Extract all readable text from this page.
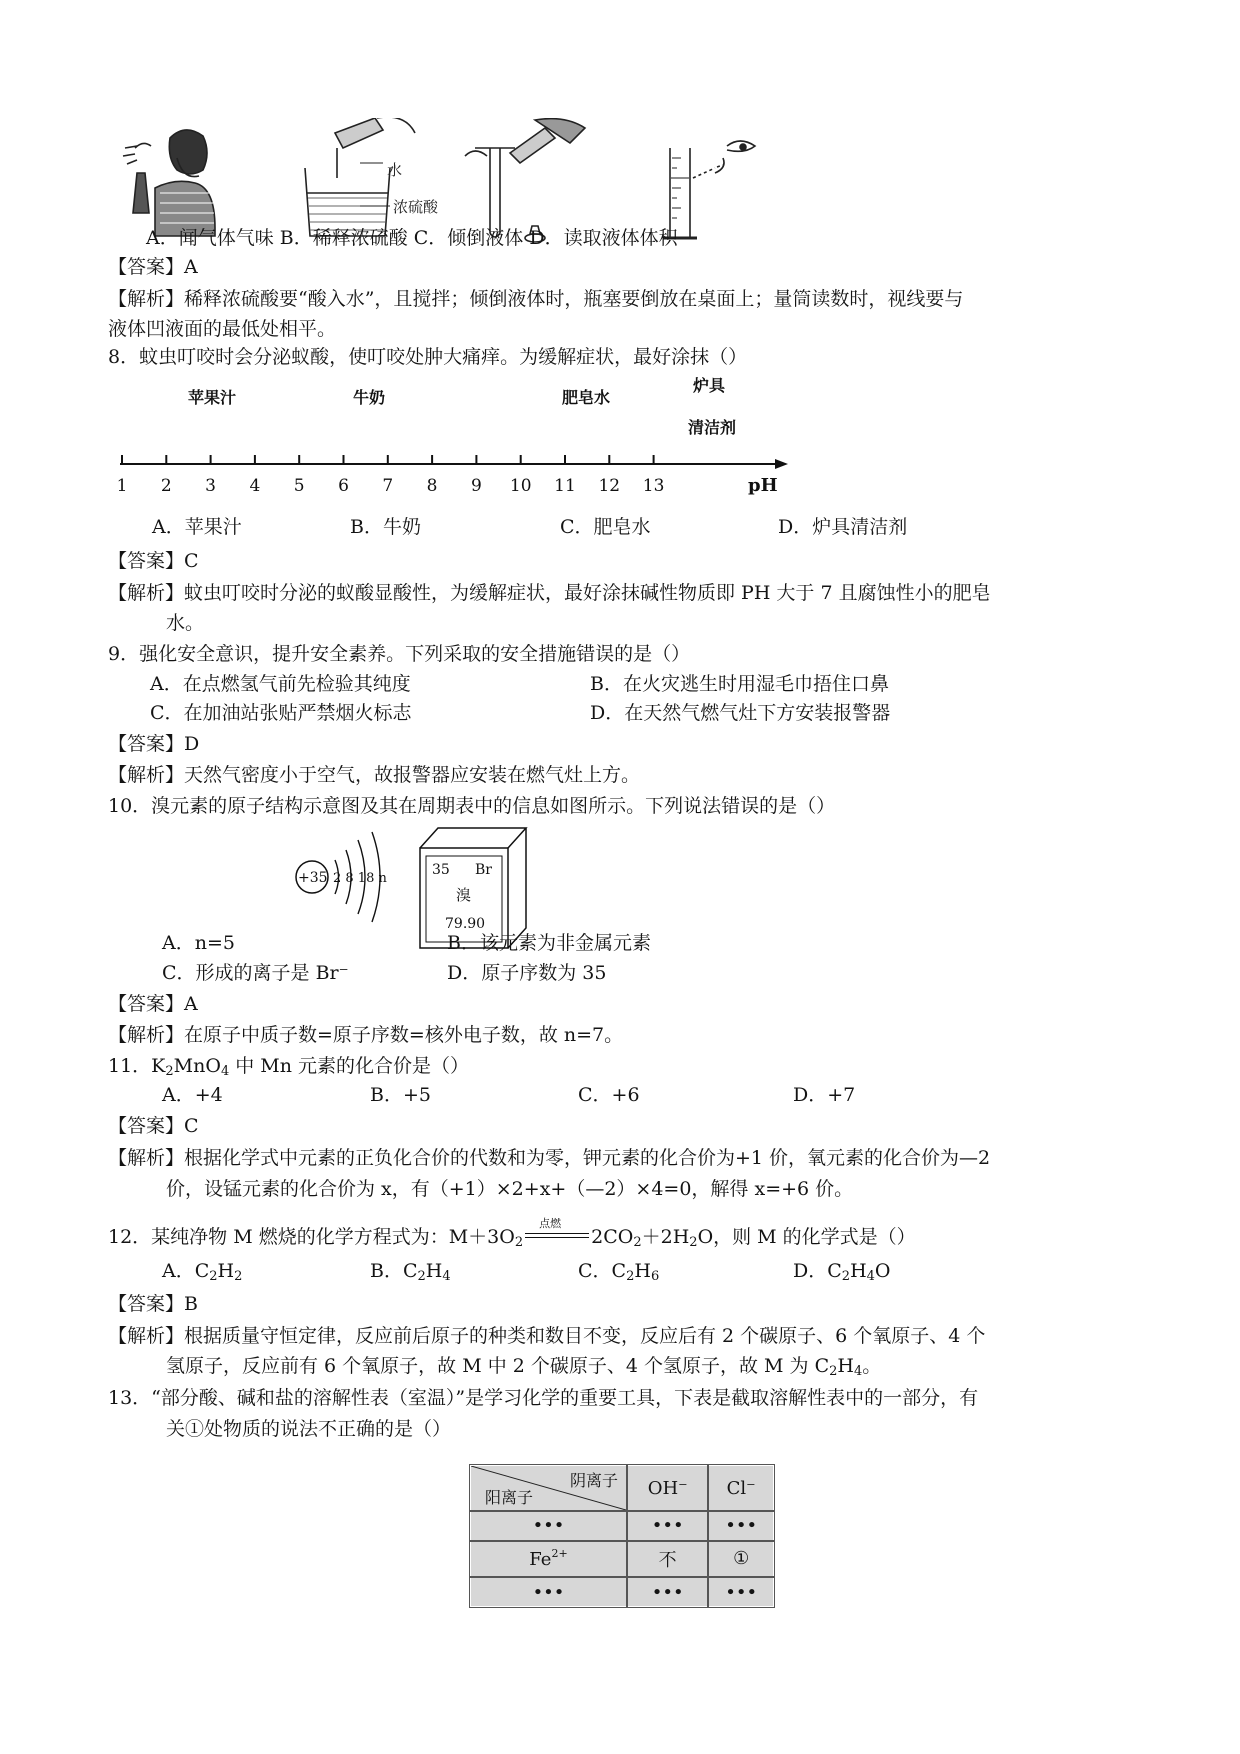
水
浓硫酸
A．闻气体气味 B．稀释浓硫酸 C．倾倒液体 D．读取液体体积
【答案】A
【解析】稀释浓硫酸要“酸入水”，且搅拌；倾倒液体时，瓶塞要倒放在桌面上；量筒读数时，视线要与
液体凹液面的最低处相平。
8．蚊虫叮咬时会分泌蚁酸，使叮咬处肿大痛痒。为缓解症状，最好涂抹（）
1 2 3 4 5 6 7 8 9 10 11 12 13	pH
苹果汁	牛奶	肥皂水
炉具
清洁剂
A．苹果汁	B．牛奶	C．肥皂水	D．炉具清洁剂
【答案】C
【解析】蚊虫叮咬时分泌的蚁酸显酸性，为缓解症状，最好涂抹碱性物质即 PH 大于 7 且腐蚀性小的肥皂
水。
9．强化安全意识，提升安全素养。下列采取的安全措施错误的是（）
A．在点燃氢气前先检验其纯度	B．在火灾逃生时用湿毛巾捂住口鼻
C．在加油站张贴严禁烟火标志	D．在天然气燃气灶下方安装报警器
【答案】D
【解析】天然气密度小于空气，故报警器应安装在燃气灶上方。
10．溴元素的原子结构示意图及其在周期表中的信息如图所示。下列说法错误的是（）
+35 2 8 18 n
35 Br
溴
79.90
A．n=5	B．该元素为非金属元素
C．形成的离子是 Br⁻	D．原子序数为 35
【答案】A
【解析】在原子中质子数=原子序数=核外电子数，故 n=7。
11．K2MnO4 中 Mn 元素的化合价是（）
A．+4	B．+5	C．+6	D．+7
【答案】C
【解析】根据化学式中元素的正负化合价的代数和为零，钾元素的化合价为+1 价，氧元素的化合价为—2
价，设锰元素的化合价为 x，有（+1）×2+x+（—2）×4=0，解得 x=+6 价。
12．某纯净物 M 燃烧的化学方程式为：M＋3O2
点燃
2CO2＋2H2O，则 M 的化学式是（）
A．C2H2	B．C2H4	C．C2H6	D．C2H4O
【答案】B
【解析】根据质量守恒定律，反应前后原子的种类和数目不变，反应后有 2 个碳原子、6 个氧原子、4 个
氢原子，反应前有 6 个氧原子，故 M 中 2 个碳原子、4 个氢原子，故 M 为 C2H4。
13．“部分酸、碱和盐的溶解性表（室温）”是学习化学的重要工具，下表是截取溶解性表中的一部分，有
关①处物质的说法不正确的是（）
阴离子
阳离子	OH⁻	Cl⁻
•••	•••	•••
$Fe^{2+}$	不	①
•••	•••	•••
